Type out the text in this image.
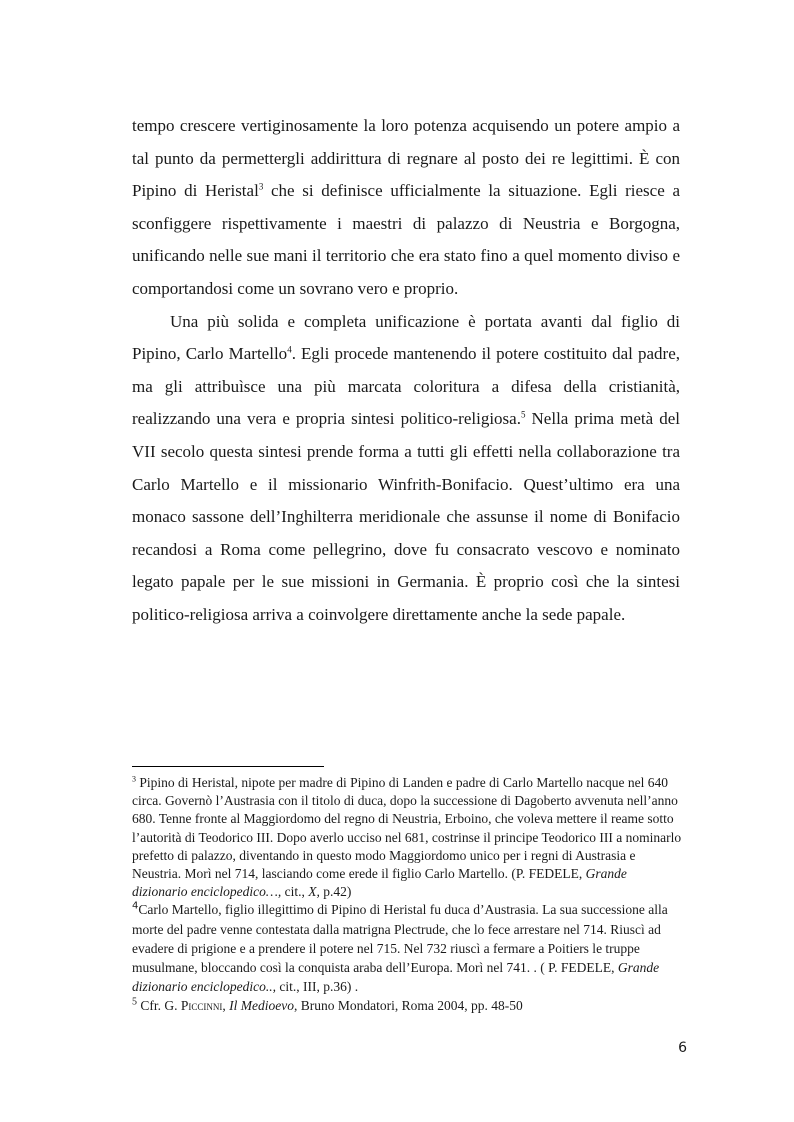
tempo crescere vertiginosamente la loro potenza acquisendo un potere ampio a tal punto da permettergli addirittura di regnare al posto dei re legittimi. È con Pipino di Heristal$^3$ che si definisce ufficialmente la situazione. Egli riesce a sconfiggere rispettivamente i maestri di palazzo di Neustria e Borgogna, unificando nelle sue mani il territorio che era stato fino a quel momento diviso e comportandosi come un sovrano vero e proprio.

Una più solida e completa unificazione è portata avanti dal figlio di Pipino, Carlo Martello$^4$. Egli procede mantenendo il potere costituito dal padre, ma gli attribuìsce una più marcata coloritura a difesa della cristianità, realizzando una vera e propria sintesi politico-religiosa.$^5$ Nella prima metà del VII secolo questa sintesi prende forma a tutti gli effetti nella collaborazione tra Carlo Martello e il missionario Winfrith-Bonifacio. Quest’ultimo era una monaco sassone dell’Inghilterra meridionale che assunse il nome di Bonifacio recandosi a Roma come pellegrino, dove fu consacrato vescovo e nominato legato papale per le sue missioni in Germania. È proprio così che la sintesi politico-religiosa arriva a coinvolgere direttamente anche la sede papale.

$^3$ Pipino di Heristal, nipote per madre di Pipino di Landen e padre di Carlo Martello nacque nel 640 circa. Governò l’Austrasia con il titolo di duca, dopo la successione di Dagoberto avvenuta nell’anno 680. Tenne fronte al Maggiordomo del regno di Neustria, Erboino, che voleva mettere il reame sotto l’autorità di Teodorico III. Dopo averlo ucciso nel 681, costrinse il principe Teodorico III a nominarlo prefetto di palazzo, diventando in questo modo Maggiordomo unico per i regni di Austrasia e Neustria. Morì nel 714, lasciando come erede il figlio Carlo Martello. (P. FEDELE, Grande dizionario enciclopedico…, cit., X, p.42)

$^4$Carlo Martello, figlio illegittimo di Pipino di Heristal fu duca d’Austrasia. La sua successione alla morte del padre venne contestata dalla matrigna Plectrude, che lo fece arrestare nel 714. Riuscì ad evadere di prigione e a prendere il potere nel 715. Nel 732 riuscì a fermare a Poitiers le truppe musulmane, bloccando così la conquista araba dell’Europa. Morì nel 741. . ( P. FEDELE, Grande dizionario enciclopedico.., cit., III, p.36) .

$^5$ Cfr. G. Piccinni, Il Medioevo, Bruno Mondatori, Roma 2004, pp. 48-50

6
